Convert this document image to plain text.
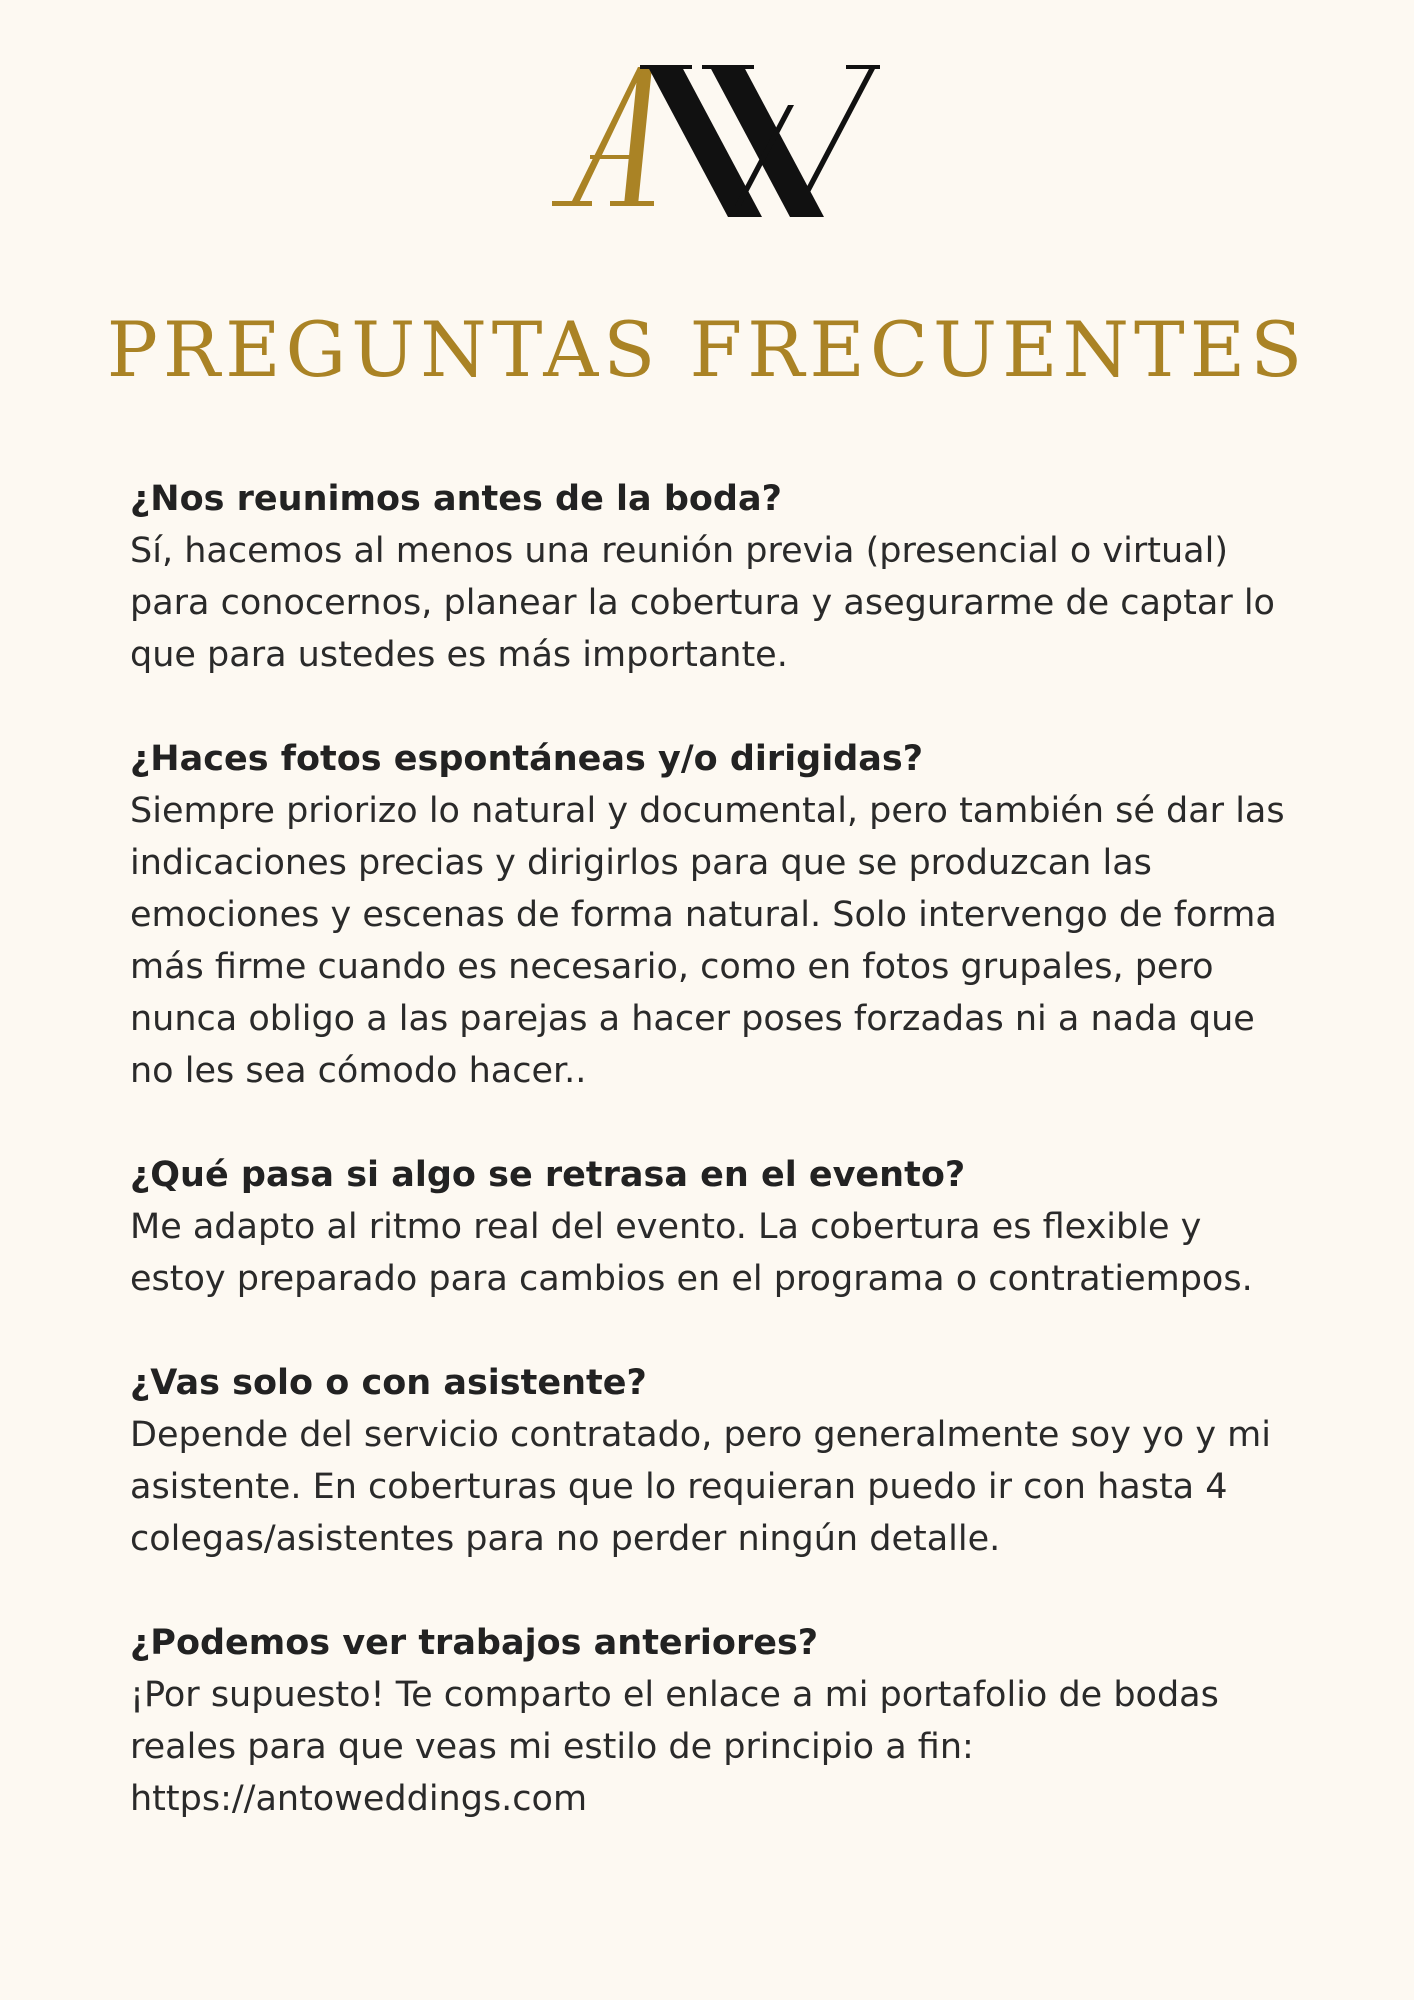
PREGUNTAS FRECUENTES
¿Nos reunimos antes de la boda?
Sí, hacemos al menos una reunión previa (presencial o virtual)
para conocernos, planear la cobertura y asegurarme de captar lo
que para ustedes es más importante.
¿Haces fotos espontáneas y/o dirigidas?
Siempre priorizo lo natural y documental, pero también sé dar las
indicaciones precias y dirigirlos para que se produzcan las
emociones y escenas de forma natural. Solo intervengo de forma
más firme cuando es necesario, como en fotos grupales, pero
nunca obligo a las parejas a hacer poses forzadas ni a nada que
no les sea cómodo hacer..
¿Qué pasa si algo se retrasa en el evento?
Me adapto al ritmo real del evento. La cobertura es flexible y
estoy preparado para cambios en el programa o contratiempos.
¿Vas solo o con asistente?
Depende del servicio contratado, pero generalmente soy yo y mi
asistente. En coberturas que lo requieran puedo ir con hasta 4
colegas/asistentes para no perder ningún detalle.
¿Podemos ver trabajos anteriores?
¡Por supuesto! Te comparto el enlace a mi portafolio de bodas
reales para que veas mi estilo de principio a fin:
https://antoweddings.com
